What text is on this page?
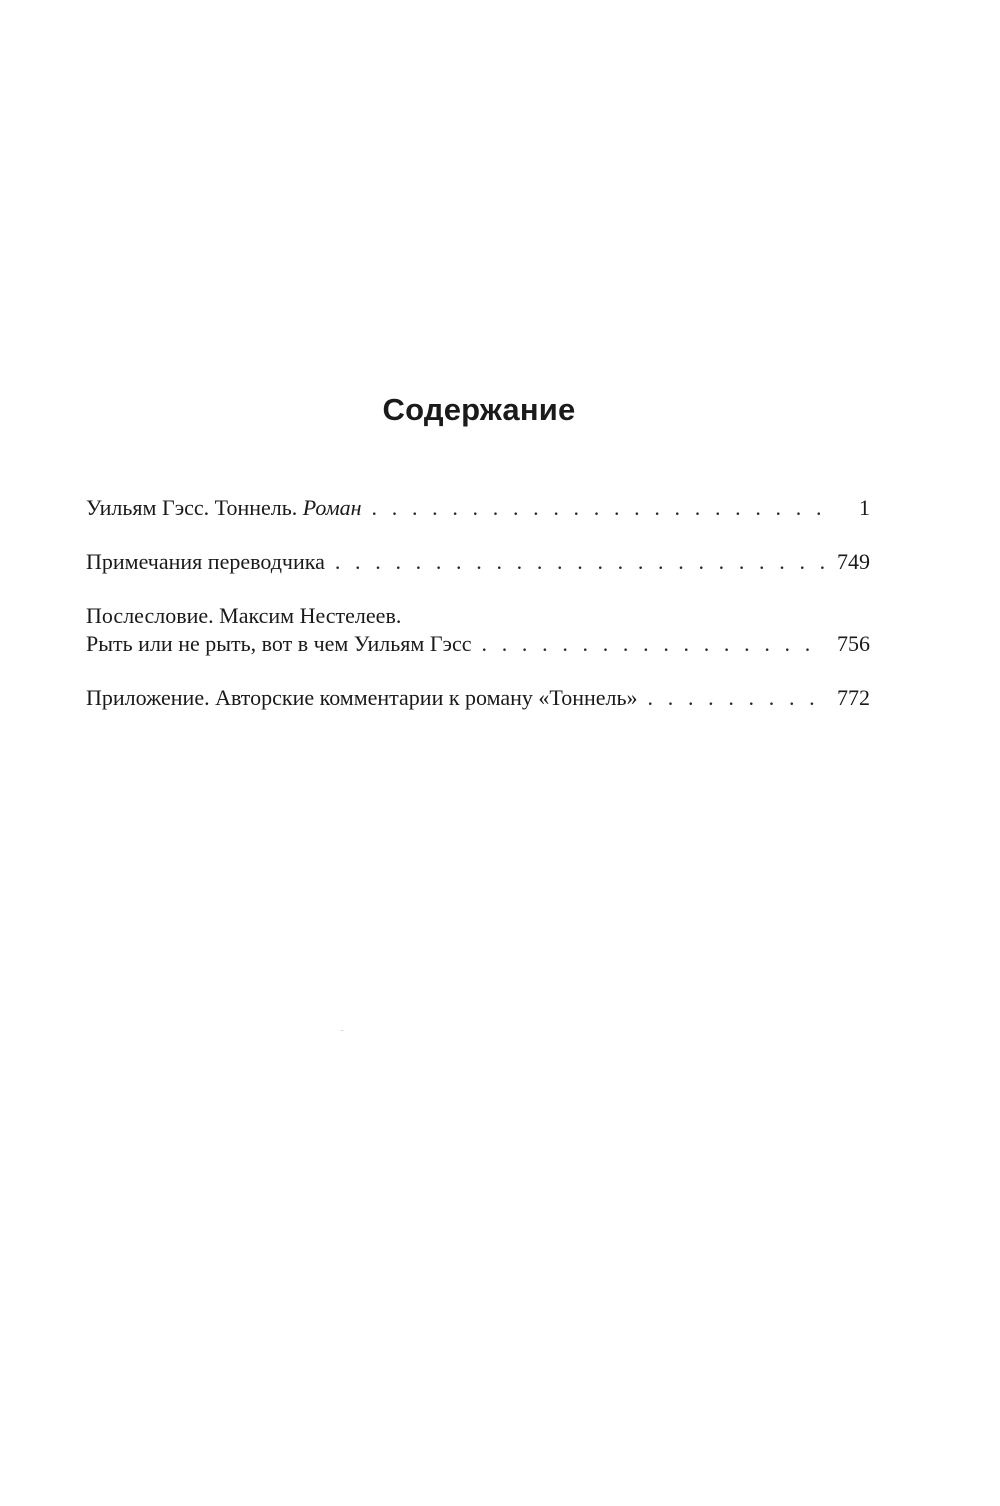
Содержание
Уильям Гэсс. Тоннель. Роман . . .	1
Примечания переводчика . . .	749
Послесловие. Максим Нестелеев.
Рыть или не рыть, вот в чем Уильям Гэсс . . .	756
Приложение. Авторские комментарии к роману «Тоннель» . . .	772
